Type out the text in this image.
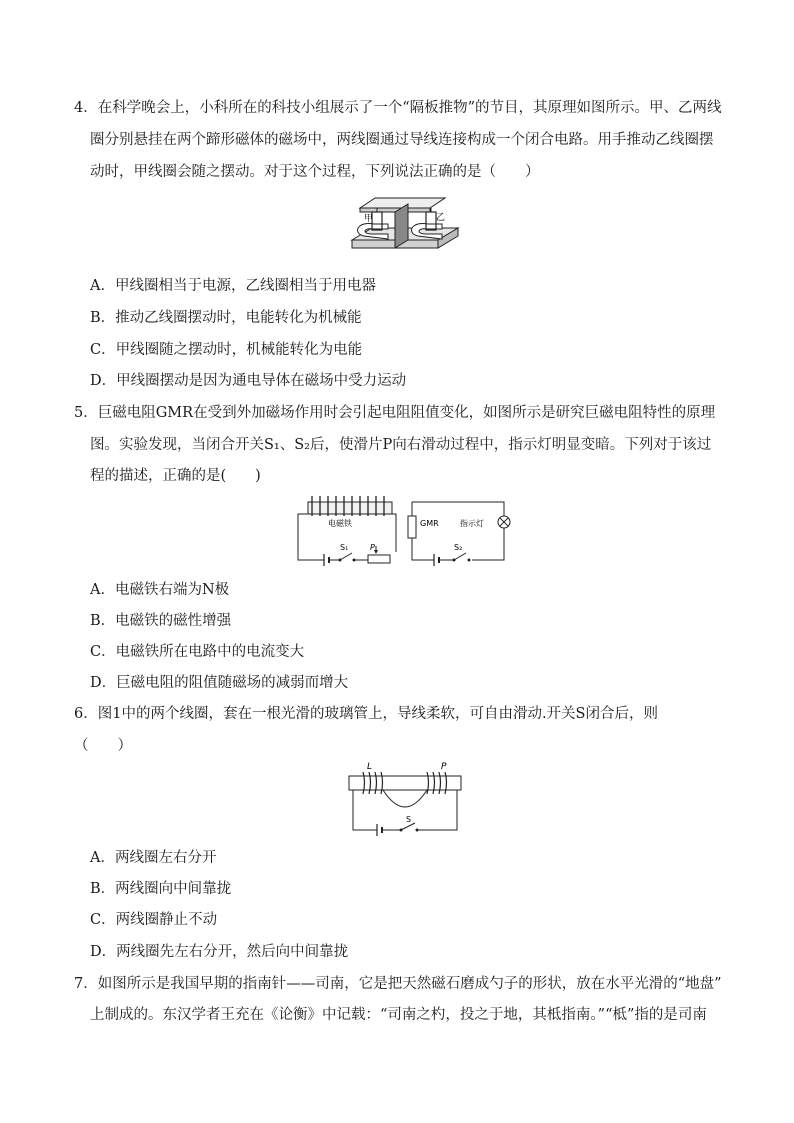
4．在科学晚会上，小科所在的科技小组展示了一个“隔板推物”的节目，其原理如图所示。甲、乙两线
圈分别悬挂在两个蹄形磁体的磁场中，两线圈通过导线连接构成一个闭合电路。用手推动乙线圈摆
动时，甲线圈会随之摆动。对于这个过程，下列说法正确的是（　　）
甲	乙
A．甲线圈相当于电源，乙线圈相当于用电器
B．推动乙线圈摆动时，电能转化为机械能
C．甲线圈随之摆动时，机械能转化为电能
D．甲线圈摆动是因为通电导体在磁场中受力运动
5．巨磁电阻GMR在受到外加磁场作用时会引起电阻阻值变化，如图所示是研究巨磁电阻特性的原理
图。实验发现，当闭合开关S₁、S₂后，使滑片P向右滑动过程中，指示灯明显变暗。下列对于该过
程的描述，正确的是(　　)
电磁铁
S₁	P
GMR	指示灯
S₂
A．电磁铁右端为N极
B．电磁铁的磁性增强
C．电磁铁所在电路中的电流变大
D．巨磁电阻的阻值随磁场的减弱而增大
6．图1中的两个线圈，套在一根光滑的玻璃管上，导线柔软，可自由滑动.开关S闭合后，则
（　　）
L	P
S
A．两线圈左右分开
B．两线圈向中间靠拢
C．两线圈静止不动
D．两线圈先左右分开，然后向中间靠拢
7．如图所示是我国早期的指南针——司南，它是把天然磁石磨成勺子的形状，放在水平光滑的“地盘”
上制成的。东汉学者王充在《论衡》中记载：“司南之杓，投之于地，其柢指南。”“柢”指的是司南
